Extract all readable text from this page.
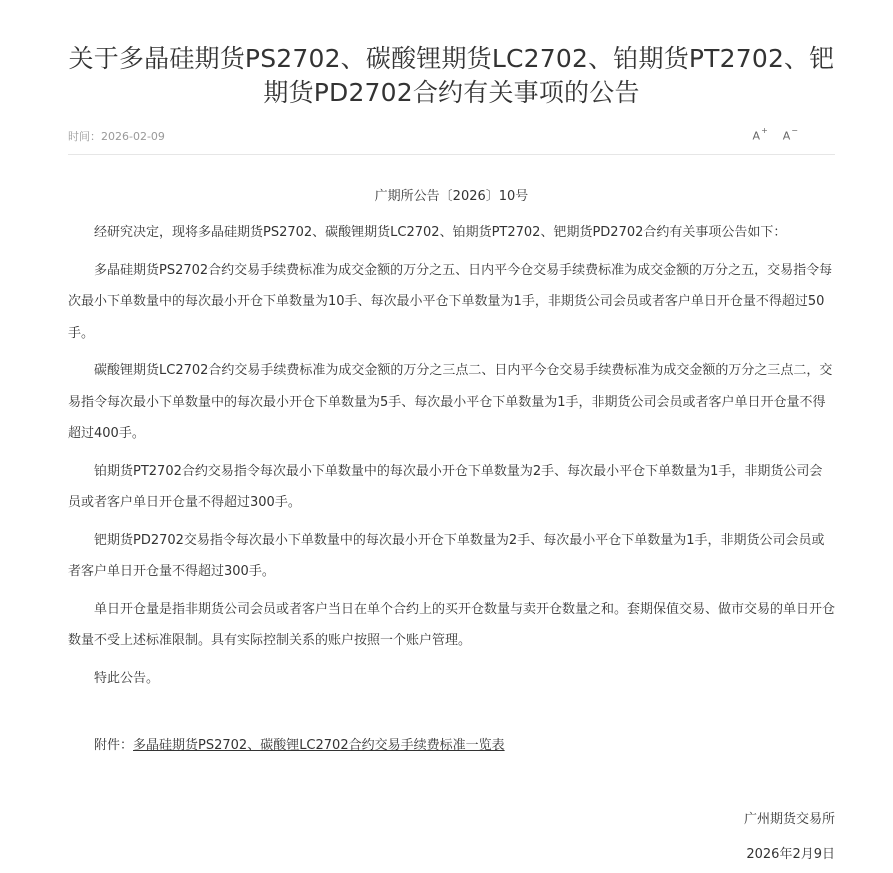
关于多晶硅期货PS2702、碳酸锂期货LC2702、铂期货PT2702、钯期货PD2702合约有关事项的公告
时间：2026-02-09	A+ A−
广期所公告〔2026〕10号

经研究决定，现将多晶硅期货PS2702、碳酸锂期货LC2702、铂期货PT2702、钯期货PD2702合约有关事项公告如下：

多晶硅期货PS2702合约交易手续费标准为成交金额的万分之五、日内平今仓交易手续费标准为成交金额的万分之五，交易指令每次最小下单数量中的每次最小开仓下单数量为10手、每次最小平仓下单数量为1手，非期货公司会员或者客户单日开仓量不得超过50手。

碳酸锂期货LC2702合约交易手续费标准为成交金额的万分之三点二、日内平今仓交易手续费标准为成交金额的万分之三点二，交易指令每次最小下单数量中的每次最小开仓下单数量为5手、每次最小平仓下单数量为1手，非期货公司会员或者客户单日开仓量不得超过400手。

铂期货PT2702合约交易指令每次最小下单数量中的每次最小开仓下单数量为2手、每次最小平仓下单数量为1手，非期货公司会员或者客户单日开仓量不得超过300手。

钯期货PD2702交易指令每次最小下单数量中的每次最小开仓下单数量为2手、每次最小平仓下单数量为1手，非期货公司会员或者客户单日开仓量不得超过300手。

单日开仓量是指非期货公司会员或者客户当日在单个合约上的买开仓数量与卖开仓数量之和。套期保值交易、做市交易的单日开仓数量不受上述标准限制。具有实际控制关系的账户按照一个账户管理。

特此公告。

附件：多晶硅期货PS2702、碳酸锂LC2702合约交易手续费标准一览表

广州期货交易所
2026年2月9日
